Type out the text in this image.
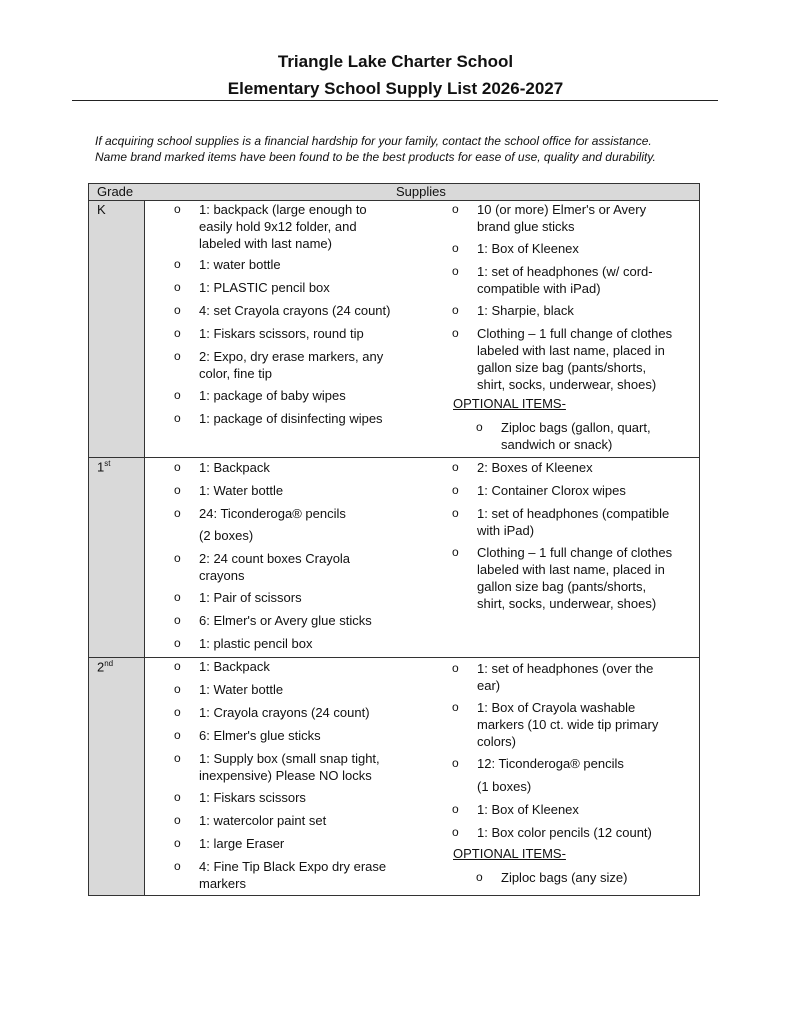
Triangle Lake Charter School
Elementary School Supply List 2026-2027
If acquiring school supplies is a financial hardship for your family, contact the school office for assistance.
Name brand marked items have been found to be the best products for ease of use, quality and durability.
Grade	Supplies
K
1st
2nd
o 1: backpack (large enough to
easily hold 9x12 folder, and
labeled with last name)
o 1: water bottle
o 1: PLASTIC pencil box
o 4: set Crayola crayons (24 count)
o 1: Fiskars scissors, round tip
o 2: Expo, dry erase markers, any
color, fine tip
o 1: package of baby wipes
o 1: package of disinfecting wipes
o 10 (or more) Elmer's or Avery
brand glue sticks
o 1: Box of Kleenex
o 1: set of headphones (w/ cord-
compatible with iPad)
o 1: Sharpie, black
o Clothing – 1 full change of clothes
labeled with last name, placed in
gallon size bag (pants/shorts,
shirt, socks, underwear, shoes)
OPTIONAL ITEMS-
o Ziploc bags (gallon, quart,
sandwich or snack)
o 1: Backpack
o 1: Water bottle
o 24: Ticonderoga® pencils
o 2: 24 count boxes Crayola
crayons
o 1: Pair of scissors
o 6: Elmer's or Avery glue sticks
o 1: plastic pencil box
(2 boxes)
o 2: Boxes of Kleenex
o 1: Container Clorox wipes
o 1: set of headphones (compatible
with iPad)
o Clothing – 1 full change of clothes
labeled with last name, placed in
gallon size bag (pants/shorts,
shirt, socks, underwear, shoes)
o 1: Backpack
o 1: Water bottle
o 1: Crayola crayons (24 count)
o 6: Elmer's glue sticks
o 1: Supply box (small snap tight,
inexpensive) Please NO locks
o 1: Fiskars scissors
o 1: watercolor paint set
o 1: large Eraser
o 4: Fine Tip Black Expo dry erase
markers
o 1: set of headphones (over the
ear)
o 1: Box of Crayola washable
markers (10 ct. wide tip primary
colors)
o 12: Ticonderoga® pencils
o 1: Box of Kleenex
o 1: Box color pencils (12 count)
(1 boxes)
OPTIONAL ITEMS-
o Ziploc bags (any size)
